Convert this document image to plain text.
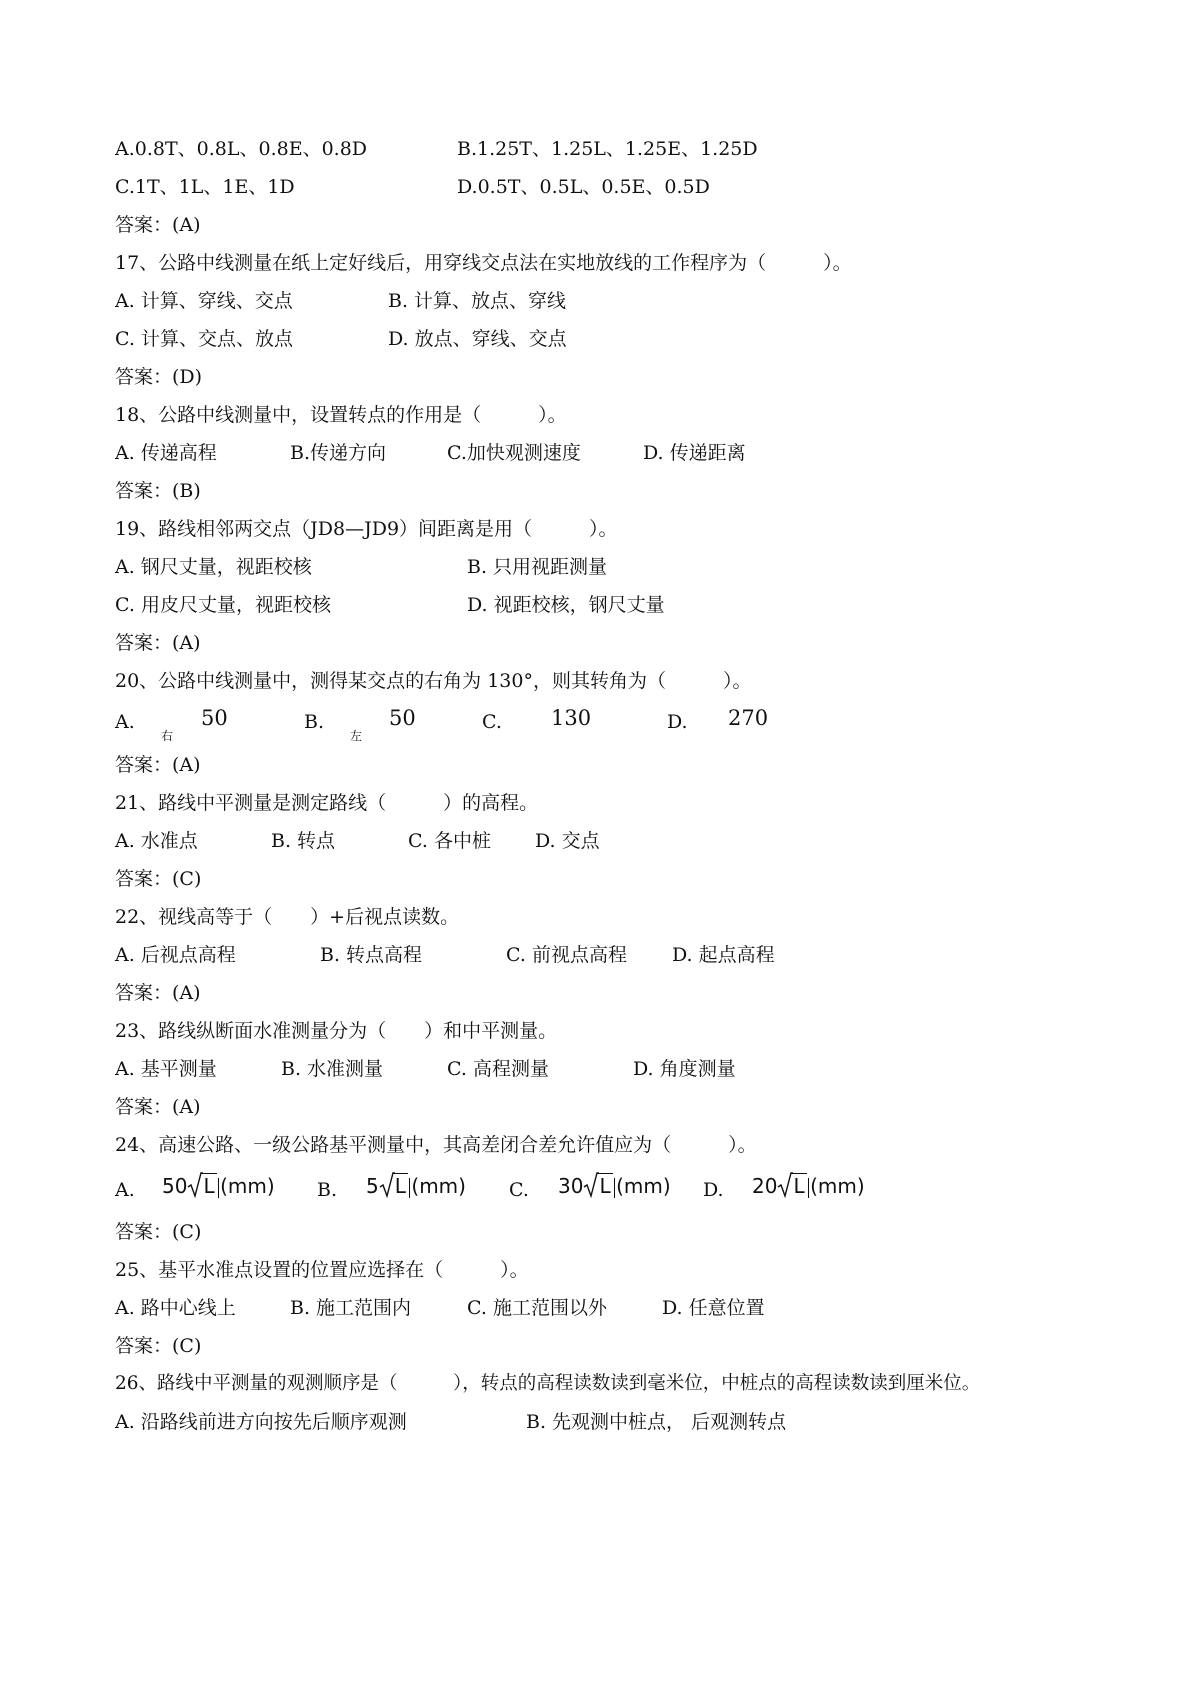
A.0.8T、0.8L、0.8E、0.8D	B.1.25T、1.25L、1.25E、1.25D
C.1T、1L、1E、1D	D.0.5T、0.5L、0.5E、0.5D
答案：(A)
17、公路中线测量在纸上定好线后，用穿线交点法在实地放线的工作程序为（　　　）。
A. 计算、穿线、交点	B. 计算、放点、穿线
C. 计算、交点、放点	D. 放点、穿线、交点
答案：(D)
18、公路中线测量中，设置转点的作用是（　　　）。
A. 传递高程	B.传递方向	C.加快观测速度	D. 传递距离
答案：(B)
19、路线相邻两交点（JD8—JD9）间距离是用（　　　）。
A. 钢尺丈量，视距校核	B. 只用视距测量
C. 用皮尺丈量，视距校核	D. 视距校核，钢尺丈量
答案：(A)
20、公路中线测量中，测得某交点的右角为 130°，则其转角为（　　　）。
A.
右
50	B.
左
50	C. 130	D. 270
答案：(A)
21、路线中平测量是测定路线（　　　）的高程。
A. 水准点	B. 转点	C. 各中桩 D. 交点
答案：(C)
22、视线高等于（　　）+后视点读数。
A. 后视点高程	B. 转点高程	C. 前视点高程 D. 起点高程
答案：(A)
23、路线纵断面水准测量分为（　　）和中平测量。
A. 基平测量	B. 水准测量	C. 高程测量	D. 角度测量
答案：(A)
24、高速公路、一级公路基平测量中，其高差闭合差允许值应为（　　　）。
A. 50 L (mm) B. 5 L (mm) C. 30 L (mm) D. 20 L (mm)
答案：(C)
25、基平水准点设置的位置应选择在（　　　）。
A. 路中心线上	B. 施工范围内	C. 施工范围以外	D. 任意位置
答案：(C)
26、路线中平测量的观测顺序是（　　　），转点的高程读数读到毫米位，中桩点的高程读数读到厘米位。
A. 沿路线前进方向按先后顺序观测	B. 先观测中桩点， 后观测转点
